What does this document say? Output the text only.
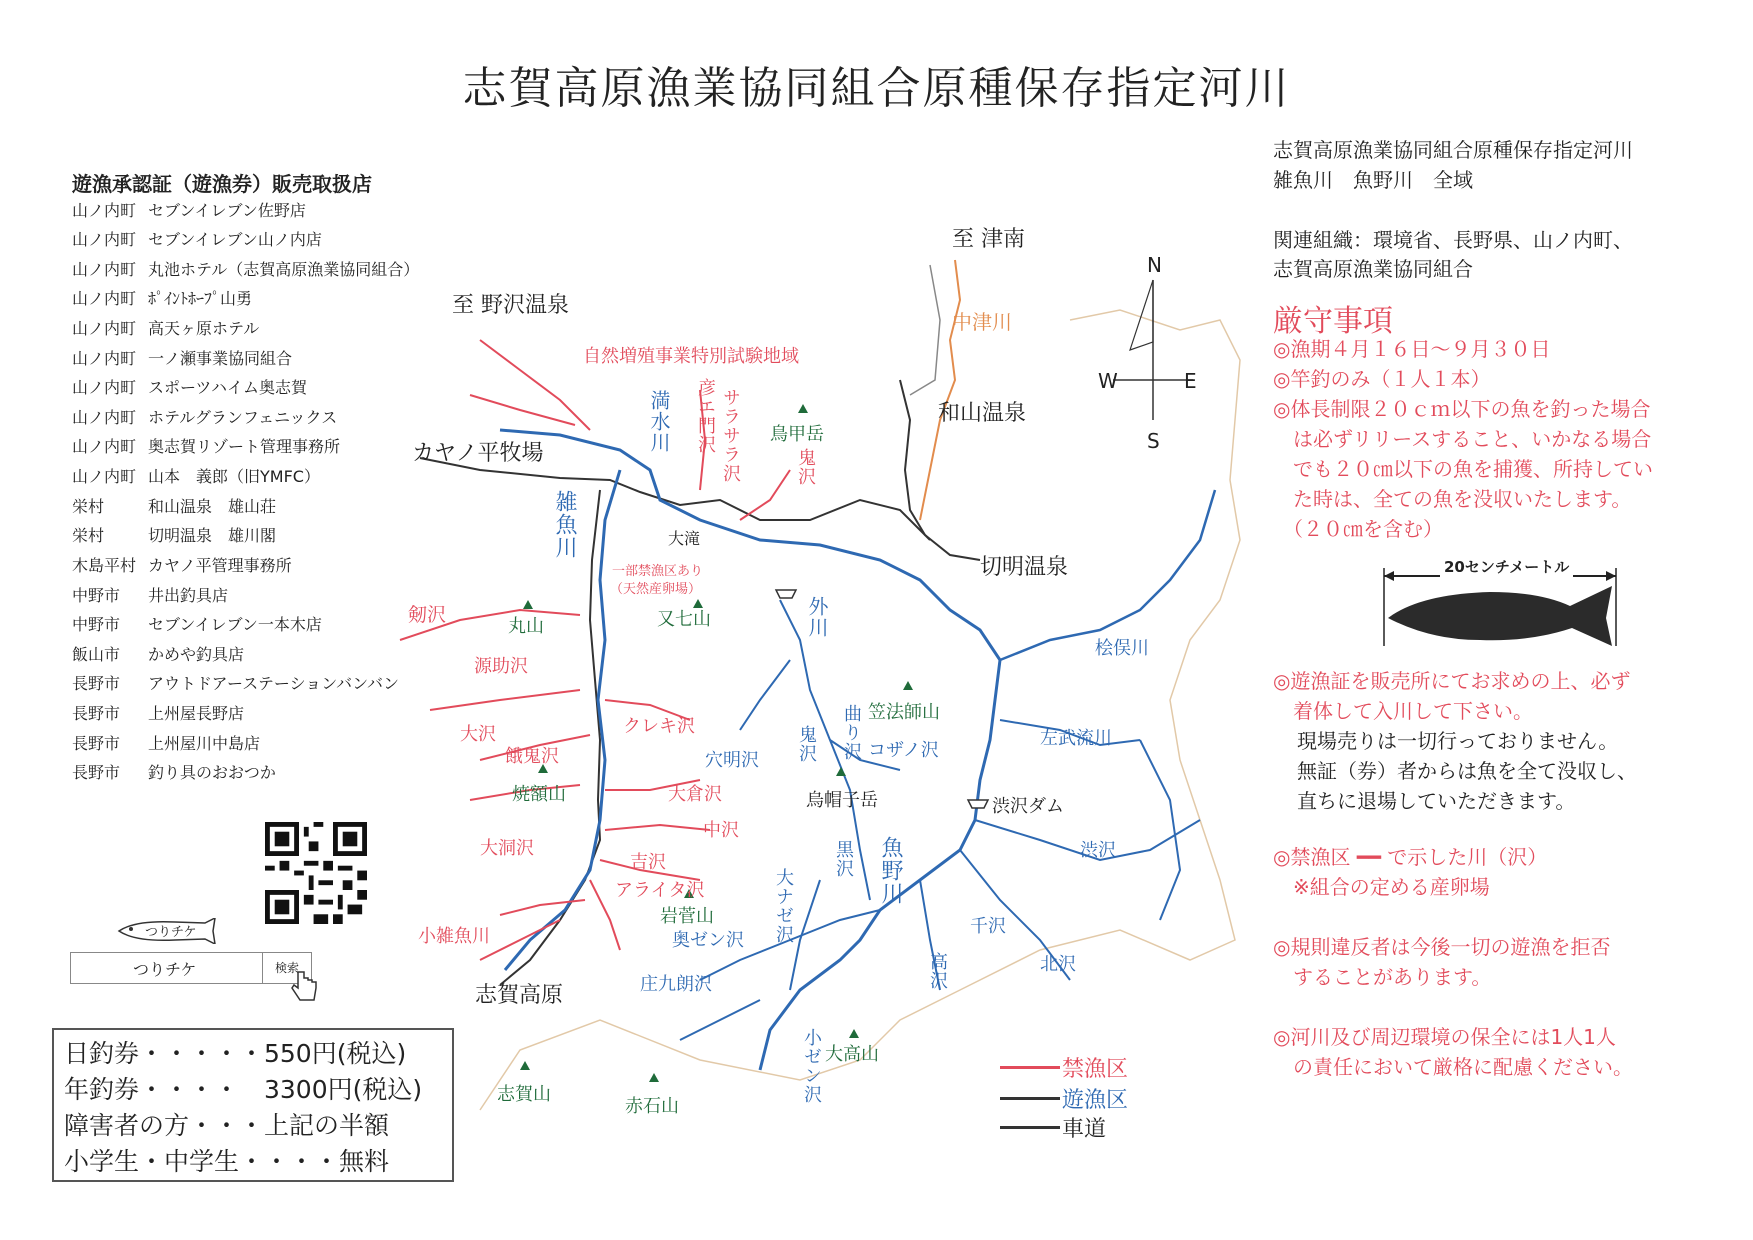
志賀高原漁業協同組合原種保存指定河川
遊漁承認証（遊漁券）販売取扱店
山ノ内町 セブンイレブン佐野店
山ノ内町 セブンイレブン山ノ内店
山ノ内町 丸池ホテル（志賀高原漁業協同組合）
山ノ内町 ﾎﾟｲﾝﾄﾎｰﾌﾟ山勇
山ノ内町 高天ヶ原ホテル
山ノ内町 一ノ瀬事業協同組合
山ノ内町 スポーツハイム奥志賀
山ノ内町 ホテルグランフェニックス
山ノ内町 奥志賀リゾート管理事務所
山ノ内町 山本　義郎（旧YMFC）
栄村	和山温泉　雄山荘
栄村	切明温泉　雄川閣
木島平村 カヤノ平管理事務所
中野市 井出釣具店
中野市 セブンイレブン一本木店
飯山市 かめや釣具店
長野市 アウトドアーステーションバンバン
長野市 上州屋長野店
長野市 上州屋川中島店
長野市 釣り具のおおつか
つりチケ
つりチケ	検索
日釣券・・・・・550円(税込)
年釣券・・・・　3300円(税込)
障害者の方・・・上記の半額
小学生・中学生・・・・無料
至 津南
至 野沢温泉
中津川
和山温泉
切明温泉
カヤノ平牧場
志賀高原
自然増殖事業特別試験地域
満水川 彦エ門沢 サラサラ沢 鳥甲岳
鬼沢
雑魚川	大滝
一部禁漁区あり
（天然産卵場）
又七山	外川
剱沢
丸山
源助沢
クレキ沢
大沢
餓鬼沢
焼額山	大倉沢
中沢
大洞沢
吉沢
アライタ沢
岩菅山
小雑魚川	奥ゼン沢
庄九朗沢
桧俣川
笠法師山
左武流川
穴明沢 鬼沢 曲り沢 コザノ沢
烏帽子岳	渋沢ダム
渋沢
黒沢 魚野川
大ナゼ沢	千沢
北沢
高沢
小ゼン沢 大高山
志賀山
赤石山
N
W	E
S
禁漁区
遊漁区
車道
志賀高原漁業協同組合原種保存指定河川
雑魚川　魚野川　全域
関連組織：環境省、長野県、山ノ内町、
志賀高原漁業協同組合
厳守事項
◎漁期４月１６日～９月３０日
◎竿釣のみ（１人１本）
◎体長制限２０ｃｍ以下の魚を釣った場合
　は必ずリリースすること、いかなる場合
　でも２０㎝以下の魚を捕獲、所持してい
　た時は、全ての魚を没収いたします。
　（２０㎝を含む）
20センチメートル
◎遊漁証を販売所にてお求めの上、必ず
　着体して入川して下さい。
現場売りは一切行っておりません。
無証（券）者からは魚を全て没収し、
直ちに退場していただきます。
◎禁漁区 ━━ で示した川（沢）
　※組合の定める産卵場
◎規則違反者は今後一切の遊漁を拒否
　することがあります。
◎河川及び周辺環境の保全には1人1人
　の責任において厳格に配慮ください。
